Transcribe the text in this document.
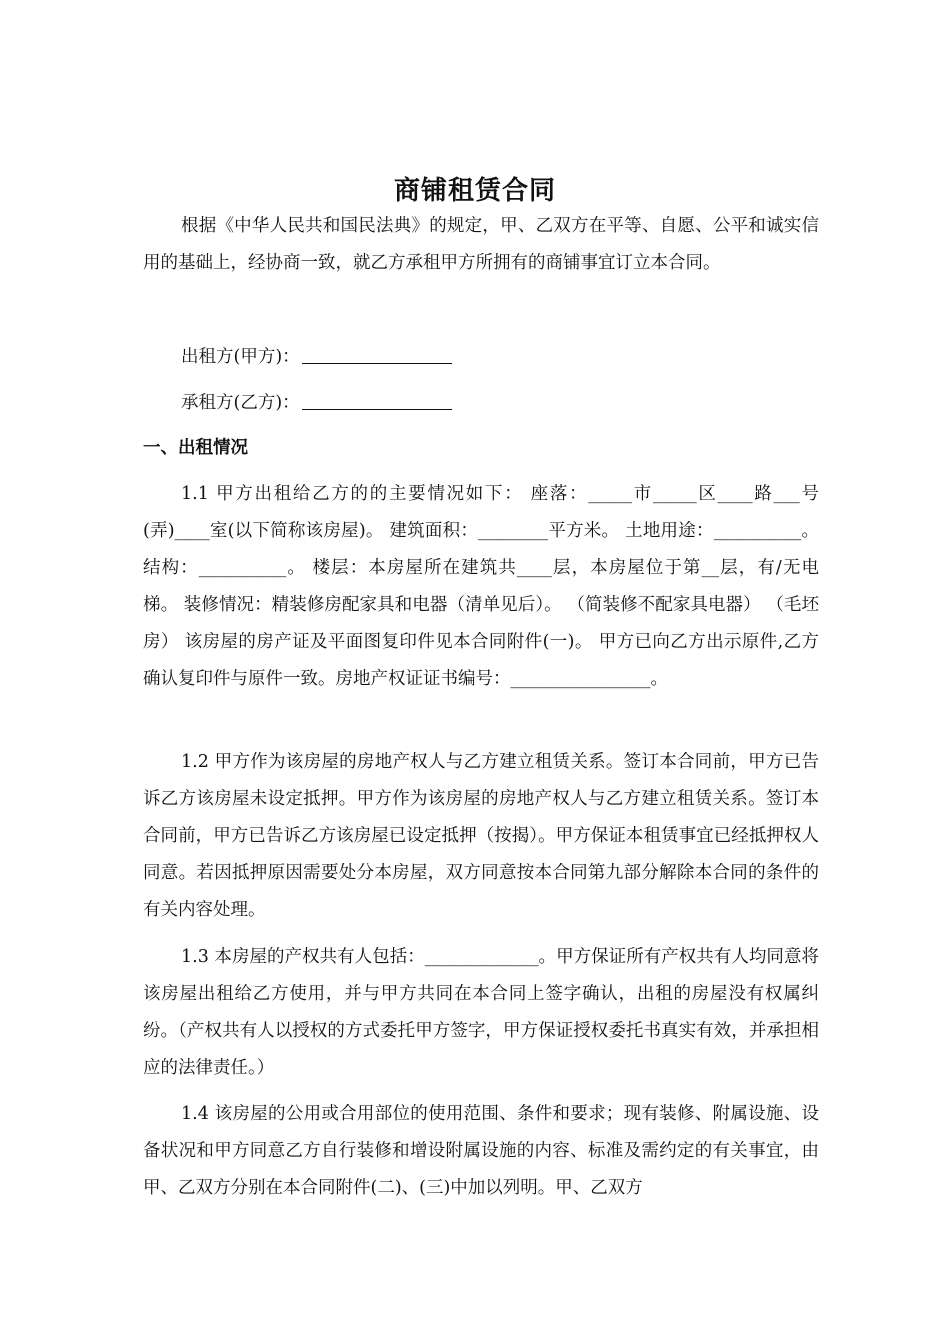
商铺租赁合同

根据《中华人民共和国民法典》的规定，甲、乙双方在平等、自愿、公平和诚实信用的基础上，经协商一致，就乙方承租甲方所拥有的商铺事宜订立本合同。

出租方(甲方)：
承租方(乙方)：
一、出租情况

1.1 甲方出租给乙方的的主要情况如下： 座落：_____市_____区____路___号(弄)____室(以下简称该房屋)。 建筑面积：________平方米。 土地用途：__________。 结构：__________。 楼层：本房屋所在建筑共____层，本房屋位于第__层，有/无电梯。 装修情况：精装修房配家具和电器（清单见后）。 （简装修不配家具电器） （毛坯房） 该房屋的房产证及平面图复印件见本合同附件(一)。 甲方已向乙方出示原件,乙方确认复印件与原件一致。房地产权证证书编号：________________。

1.2 甲方作为该房屋的房地产权人与乙方建立租赁关系。签订本合同前，甲方已告诉乙方该房屋未设定抵押。甲方作为该房屋的房地产权人与乙方建立租赁关系。签订本合同前，甲方已告诉乙方该房屋已设定抵押（按揭）。甲方保证本租赁事宜已经抵押权人同意。若因抵押原因需要处分本房屋，双方同意按本合同第九部分解除本合同的条件的有关内容处理。

1.3 本房屋的产权共有人包括：_____________。甲方保证所有产权共有人均同意将该房屋出租给乙方使用，并与甲方共同在本合同上签字确认，出租的房屋没有权属纠纷。（产权共有人以授权的方式委托甲方签字，甲方保证授权委托书真实有效，并承担相应的法律责任。）

1.4 该房屋的公用或合用部位的使用范围、条件和要求；现有装修、附属设施、设备状况和甲方同意乙方自行装修和增设附属设施的内容、标准及需约定的有关事宜，由甲、乙双方分别在本合同附件(二)、(三)中加以列明。甲、乙双方
